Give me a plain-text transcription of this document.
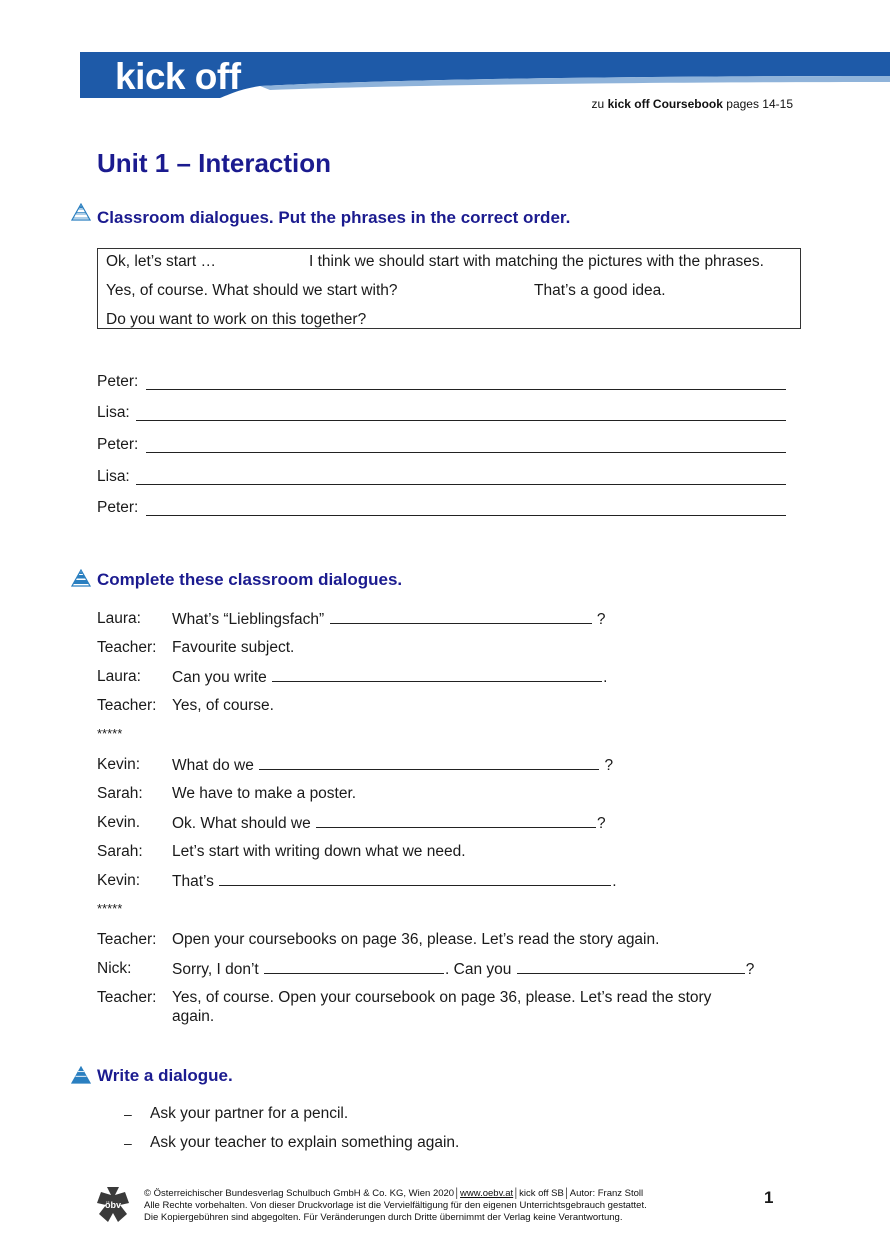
kick off
zu kick off Coursebook pages 14-15
Unit 1 – Interaction
Classroom dialogues. Put the phrases in the correct order.
Ok, let’s start …	I think we should start with matching the pictures with the phrases.
Yes, of course. What should we start with?	That’s a good idea.
Do you want to work on this together?
Peter:
Lisa:
Peter:
Lisa:
Peter:
Complete these classroom dialogues.
Laura: What’s “Lieblingsfach”	?
Teacher: Favourite subject.
Laura: Can you write	.
Teacher: Yes, of course.
*****
Kevin: What do we	?
Sarah: We have to make a poster.
Kevin. Ok. What should we	?
Sarah: Let’s start with writing down what we need.
Kevin: That’s	.
*****
Teacher: Open your coursebooks on page 36, please. Let’s read the story again.
Nick:	Sorry, I don’t	. Can you	?
Teacher: Yes, of course. Open your coursebook on page 36, please. Let’s read the story
again.
Write a dialogue.
– Ask your partner for a pencil.
– Ask your teacher to explain something again.
öbv
© Österreichischer Bundesverlag Schulbuch GmbH & Co. KG, Wien 2020│www.oebv.at│kick off SB│Autor: Franz Stoll
Alle Rechte vorbehalten. Von dieser Druckvorlage ist die Vervielfältigung für den eigenen Unterrichtsgebrauch gestattet.
Die Kopiergebühren sind abgegolten. Für Veränderungen durch Dritte übernimmt der Verlag keine Verantwortung.
1
